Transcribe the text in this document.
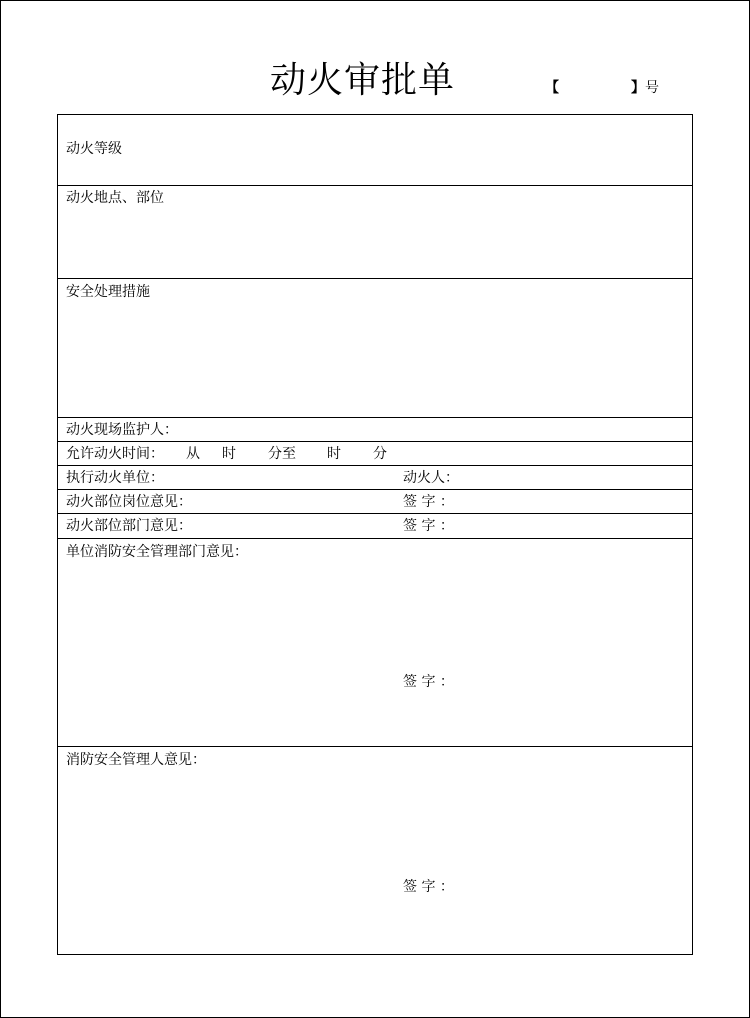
动火审批单	【	】 号
动火等级
动火地点、部位
安全处理措施
动火现场监护人：
允许动火时间： 从 时 分至 时 分
执行动火单位：	动火人：
动火部位岗位意见：	签 字 ：
动火部位部门意见：	签 字 ：
单位消防安全管理部门意见：
签 字 ：
消防安全管理人意见：
签 字 ：
